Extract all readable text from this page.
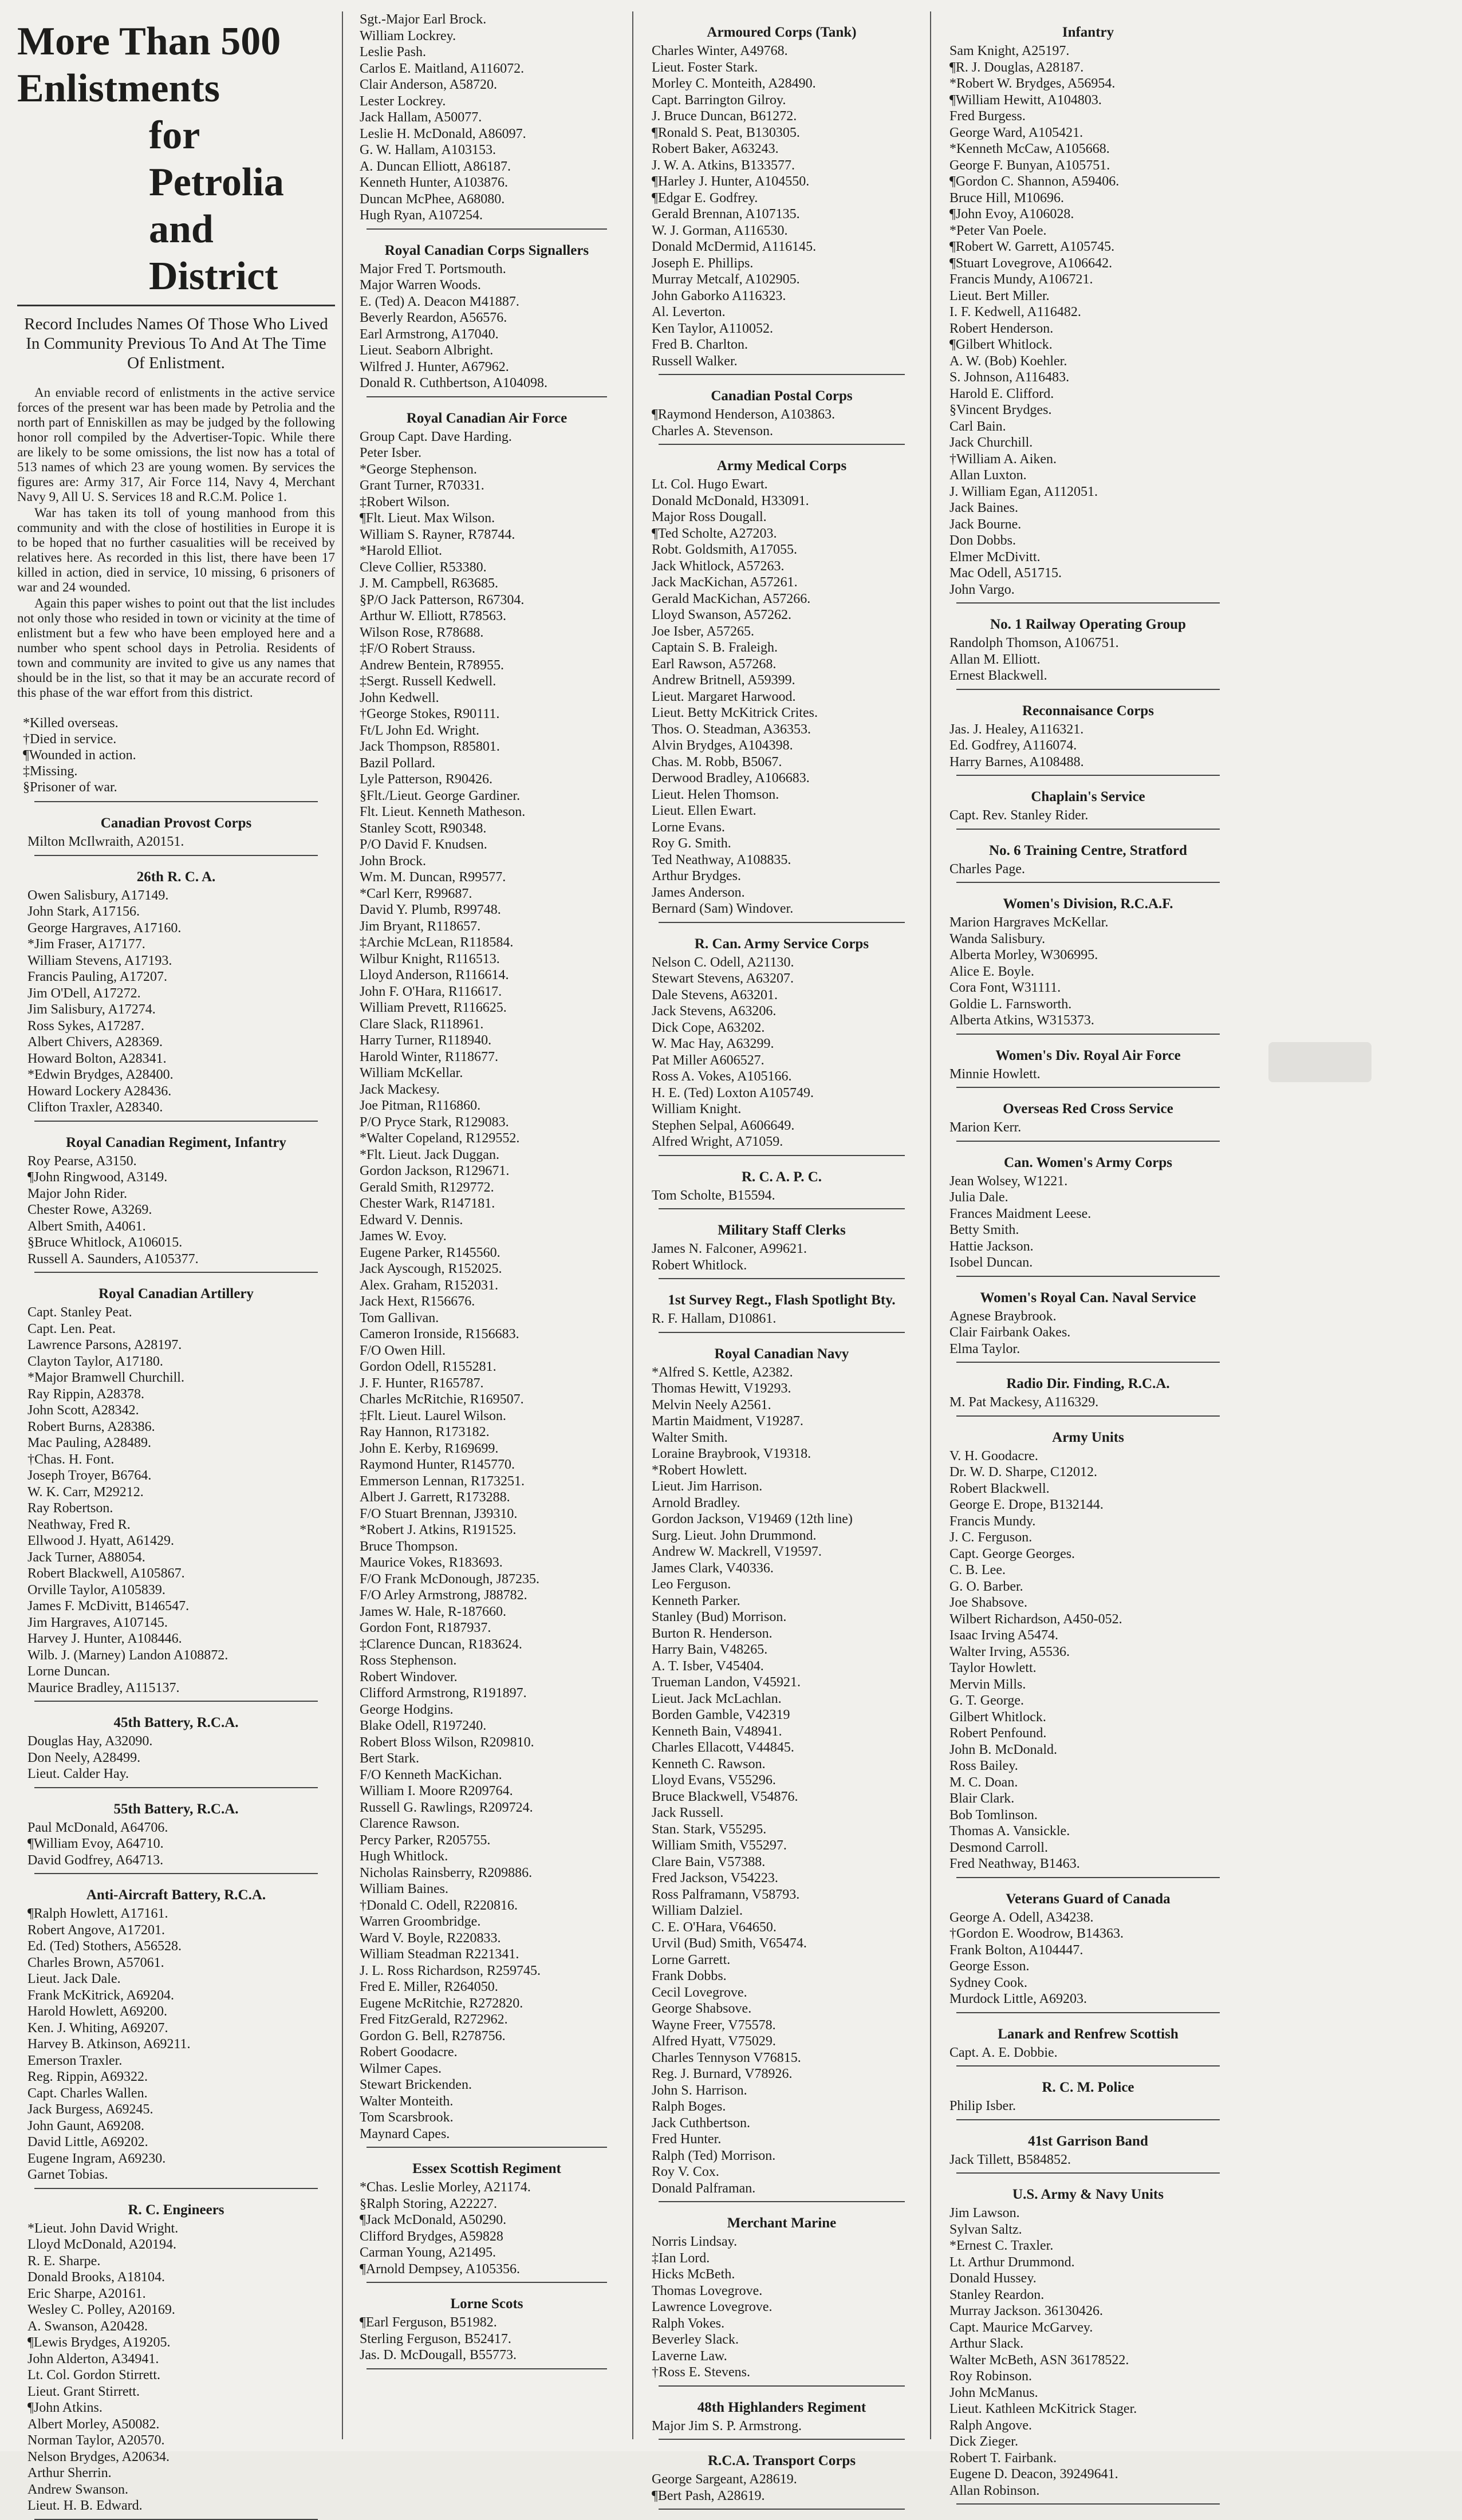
More Than 500 Enlistments
for Petrolia and District
Record Includes Names Of Those Who Lived In Community Previous To And At The Time Of Enlistment.

An enviable record of enlistments in the active service forces of the present war has been made by Petrolia and the north part of Enniskillen as may be judged by the following honor roll compiled by the Advertiser-Topic. While there are likely to be some omissions, the list now has a total of 513 names of which 23 are young women. By services the figures are: Army 317, Air Force 114, Navy 4, Merchant Navy 9, All U. S. Services 18 and R.C.M. Police 1.

War has taken its toll of young manhood from this community and with the close of hostilities in Europe it is to be hoped that no further casualities will be received by relatives here. As recorded in this list, there have been 17 killed in action, died in service, 10 missing, 6 prisoners of war and 24 wounded.

Again this paper wishes to point out that the list includes not only those who resided in town or vicinity at the time of enlistment but a few who have been employed here and a number who spent school days in Petrolia. Residents of town and community are invited to give us any names that should be in the list, so that it may be an accurate record of this phase of the war effort from this district.

*Killed overseas.
†Died in service.
¶Wounded in action.
‡Missing.
§Prisoner of war.
Canadian Provost Corps
Milton McIlwraith, A20151.
26th R. C. A.
Owen Salisbury, A17149.
John Stark, A17156.
George Hargraves, A17160.
*Jim Fraser, A17177.
William Stevens, A17193.
Francis Pauling, A17207.
Jim O'Dell, A17272.
Jim Salisbury, A17274.
Ross Sykes, A17287.
Albert Chivers, A28369.
Howard Bolton, A28341.
*Edwin Brydges, A28400.
Howard Lockery A28436.
Clifton Traxler, A28340.
Royal Canadian Regiment, Infantry
Roy Pearse, A3150.
¶John Ringwood, A3149.
Major John Rider.
Chester Rowe, A3269.
Albert Smith, A4061.
§Bruce Whitlock, A106015.
Russell A. Saunders, A105377.
Royal Canadian Artillery
Capt. Stanley Peat.
Capt. Len. Peat.
Lawrence Parsons, A28197.
Clayton Taylor, A17180.
*Major Bramwell Churchill.
Ray Rippin, A28378.
John Scott, A28342.
Robert Burns, A28386.
Mac Pauling, A28489.
†Chas. H. Font.
Joseph Troyer, B6764.
W. K. Carr, M29212.
Ray Robertson.
Neathway, Fred R.
Ellwood J. Hyatt, A61429.
Jack Turner, A88054.
Robert Blackwell, A105867.
Orville Taylor, A105839.
James F. McDivitt, B146547.
Jim Hargraves, A107145.
Harvey J. Hunter, A108446.
Wilb. J. (Marney) Landon A108872.
Lorne Duncan.
Maurice Bradley, A115137.
45th Battery, R.C.A.
Douglas Hay, A32090.
Don Neely, A28499.
Lieut. Calder Hay.
55th Battery, R.C.A.
Paul McDonald, A64706.
¶William Evoy, A64710.
David Godfrey, A64713.
Anti-Aircraft Battery, R.C.A.
¶Ralph Howlett, A17161.
Robert Angove, A17201.
Ed. (Ted) Stothers, A56528.
Charles Brown, A57061.
Lieut. Jack Dale.
Frank McKitrick, A69204.
Harold Howlett, A69200.
Ken. J. Whiting, A69207.
Harvey B. Atkinson, A69211.
Emerson Traxler.
Reg. Rippin, A69322.
Capt. Charles Wallen.
Jack Burgess, A69245.
John Gaunt, A69208.
David Little, A69202.
Eugene Ingram, A69230.
Garnet Tobias.
R. C. Engineers
*Lieut. John David Wright.
Lloyd McDonald, A20194.
R. E. Sharpe.
Donald Brooks, A18104.
Eric Sharpe, A20161.
Wesley C. Polley, A20169.
A. Swanson, A20428.
¶Lewis Brydges, A19205.
John Alderton, A34941.
Lt. Col. Gordon Stirrett.
Lieut. Grant Stirrett.
¶John Atkins.
Albert Morley, A50082.
Norman Taylor, A20570.
Nelson Brydges, A20634.
Arthur Sherrin.
Andrew Swanson.
Lieut. H. B. Edward.
Sgt.-Major Earl Brock.
William Lockrey.
Leslie Pash.
Carlos E. Maitland, A116072.
Clair Anderson, A58720.
Lester Lockrey.
Jack Hallam, A50077.
Leslie H. McDonald, A86097.
G. W. Hallam, A103153.
A. Duncan Elliott, A86187.
Kenneth Hunter, A103876.
Duncan McPhee, A68080.
Hugh Ryan, A107254.
Royal Canadian Corps Signallers
Major Fred T. Portsmouth.
Major Warren Woods.
E. (Ted) A. Deacon M41887.
Beverly Reardon, A56576.
Earl Armstrong, A17040.
Lieut. Seaborn Albright.
Wilfred J. Hunter, A67962.
Donald R. Cuthbertson, A104098.
Royal Canadian Air Force
Group Capt. Dave Harding.
Peter Isber.
*George Stephenson.
Grant Turner, R70331.
‡Robert Wilson.
¶Flt. Lieut. Max Wilson.
William S. Rayner, R78744.
*Harold Elliot.
Cleve Collier, R53380.
J. M. Campbell, R63685.
§P/O Jack Patterson, R67304.
Arthur W. Elliott, R78563.
Wilson Rose, R78688.
‡F/O Robert Strauss.
Andrew Bentein, R78955.
‡Sergt. Russell Kedwell.
John Kedwell.
†George Stokes, R90111.
Ft/L John Ed. Wright.
Jack Thompson, R85801.
Bazil Pollard.
Lyle Patterson, R90426.
§Flt./Lieut. George Gardiner.
Flt. Lieut. Kenneth Matheson.
Stanley Scott, R90348.
P/O David F. Knudsen.
John Brock.
Wm. M. Duncan, R99577.
*Carl Kerr, R99687.
David Y. Plumb, R99748.
Jim Bryant, R118657.
‡Archie McLean, R118584.
Wilbur Knight, R116513.
Lloyd Anderson, R116614.
John F. O'Hara, R116617.
William Prevett, R116625.
Clare Slack, R118961.
Harry Turner, R118940.
Harold Winter, R118677.
William McKellar.
Jack Mackesy.
Joe Pitman, R116860.
P/O Pryce Stark, R129083.
*Walter Copeland, R129552.
*Flt. Lieut. Jack Duggan.
Gordon Jackson, R129671.
Gerald Smith, R129772.
Chester Wark, R147181.
Edward V. Dennis.
James W. Evoy.
Eugene Parker, R145560.
Jack Ayscough, R152025.
Alex. Graham, R152031.
Jack Hext, R156676.
Tom Gallivan.
Cameron Ironside, R156683.
F/O Owen Hill.
Gordon Odell, R155281.
J. F. Hunter, R165787.
Charles McRitchie, R169507.
‡Flt. Lieut. Laurel Wilson.
Ray Hannon, R173182.
John E. Kerby, R169699.
Raymond Hunter, R145770.
Emmerson Lennan, R173251.
Albert J. Garrett, R173288.
F/O Stuart Brennan, J39310.
*Robert J. Atkins, R191525.
Bruce Thompson.
Maurice Vokes, R183693.
F/O Frank McDonough, J87235.
F/O Arley Armstrong, J88782.
James W. Hale, R-187660.
Gordon Font, R187937.
‡Clarence Duncan, R183624.
Ross Stephenson.
Robert Windover.
Clifford Armstrong, R191897.
George Hodgins.
Blake Odell, R197240.
Robert Bloss Wilson, R209810.
Bert Stark.
F/O Kenneth MacKichan.
William I. Moore R209764.
Russell G. Rawlings, R209724.
Clarence Rawson.
Percy Parker, R205755.
Hugh Whitlock.
Nicholas Rainsberry, R209886.
William Baines.
†Donald C. Odell, R220816.
Warren Groombridge.
Ward V. Boyle, R220833.
William Steadman R221341.
J. L. Ross Richardson, R259745.
Fred E. Miller, R264050.
Eugene McRitchie, R272820.
Fred FitzGerald, R272962.
Gordon G. Bell, R278756.
Robert Goodacre.
Wilmer Capes.
Stewart Brickenden.
Walter Monteith.
Tom Scarsbrook.
Maynard Capes.
Essex Scottish Regiment
*Chas. Leslie Morley, A21174.
§Ralph Storing, A22227.
¶Jack McDonald, A50290.
Clifford Brydges, A59828
Carman Young, A21495.
¶Arnold Dempsey, A105356.
Lorne Scots
¶Earl Ferguson, B51982.
Sterling Ferguson, B52417.
Jas. D. McDougall, B55773.
Armoured Corps (Tank)
Charles Winter, A49768.
Lieut. Foster Stark.
Morley C. Monteith, A28490.
Capt. Barrington Gilroy.
J. Bruce Duncan, B61272.
¶Ronald S. Peat, B130305.
Robert Baker, A63243.
J. W. A. Atkins, B133577.
¶Harley J. Hunter, A104550.
¶Edgar E. Godfrey.
Gerald Brennan, A107135.
W. J. Gorman, A116530.
Donald McDermid, A116145.
Joseph E. Phillips.
Murray Metcalf, A102905.
John Gaborko A116323.
Al. Leverton.
Ken Taylor, A110052.
Fred B. Charlton.
Russell Walker.
Canadian Postal Corps
¶Raymond Henderson, A103863.
Charles A. Stevenson.
Army Medical Corps
Lt. Col. Hugo Ewart.
Donald McDonald, H33091.
Major Ross Dougall.
¶Ted Scholte, A27203.
Robt. Goldsmith, A17055.
Jack Whitlock, A57263.
Jack MacKichan, A57261.
Gerald MacKichan, A57266.
Lloyd Swanson, A57262.
Joe Isber, A57265.
Captain S. B. Fraleigh.
Earl Rawson, A57268.
Andrew Britnell, A59399.
Lieut. Margaret Harwood.
Lieut. Betty McKitrick Crites.
Thos. O. Steadman, A36353.
Alvin Brydges, A104398.
Chas. M. Robb, B5067.
Derwood Bradley, A106683.
Lieut. Helen Thomson.
Lieut. Ellen Ewart.
Lorne Evans.
Roy G. Smith.
Ted Neathway, A108835.
Arthur Brydges.
James Anderson.
Bernard (Sam) Windover.
R. Can. Army Service Corps
Nelson C. Odell, A21130.
Stewart Stevens, A63207.
Dale Stevens, A63201.
Jack Stevens, A63206.
Dick Cope, A63202.
W. Mac Hay, A63299.
Pat Miller A606527.
Ross A. Vokes, A105166.
H. E. (Ted) Loxton A105749.
William Knight.
Stephen Selpal, A606649.
Alfred Wright, A71059.
R. C. A. P. C.
Tom Scholte, B15594.
Military Staff Clerks
James N. Falconer, A99621.
Robert Whitlock.
1st Survey Regt., Flash Spotlight Bty.
R. F. Hallam, D10861.
Royal Canadian Navy
*Alfred S. Kettle, A2382.
Thomas Hewitt, V19293.
Melvin Neely A2561.
Martin Maidment, V19287.
Walter Smith.
Loraine Braybrook, V19318.
*Robert Howlett.
Lieut. Jim Harrison.
Arnold Bradley.
Gordon Jackson, V19469 (12th line)
Surg. Lieut. John Drummond.
Andrew W. Mackrell, V19597.
James Clark, V40336.
Leo Ferguson.
Kenneth Parker.
Stanley (Bud) Morrison.
Burton R. Henderson.
Harry Bain, V48265.
A. T. Isber, V45404.
Trueman Landon, V45921.
Lieut. Jack McLachlan.
Borden Gamble, V42319
Kenneth Bain, V48941.
Charles Ellacott, V44845.
Kenneth C. Rawson.
Lloyd Evans, V55296.
Bruce Blackwell, V54876.
Jack Russell.
Stan. Stark, V55295.
William Smith, V55297.
Clare Bain, V57388.
Fred Jackson, V54223.
Ross Palframann, V58793.
William Dalziel.
C. E. O'Hara, V64650.
Urvil (Bud) Smith, V65474.
Lorne Garrett.
Frank Dobbs.
Cecil Lovegrove.
George Shabsove.
Wayne Freer, V75578.
Alfred Hyatt, V75029.
Charles Tennyson V76815.
Reg. J. Burnard, V78926.
John S. Harrison.
Ralph Boges.
Jack Cuthbertson.
Fred Hunter.
Ralph (Ted) Morrison.
Roy V. Cox.
Donald Palframan.
Merchant Marine
Norris Lindsay.
‡Ian Lord.
Hicks McBeth.
Thomas Lovegrove.
Lawrence Lovegrove.
Ralph Vokes.
Beverley Slack.
Laverne Law.
†Ross E. Stevens.
48th Highlanders Regiment
Major Jim S. P. Armstrong.
R.C.A. Transport Corps
George Sargeant, A28619.
¶Bert Pash, A28619.
Infantry
Sam Knight, A25197.
¶R. J. Douglas, A28187.
*Robert W. Brydges, A56954.
¶William Hewitt, A104803.
Fred Burgess.
George Ward, A105421.
*Kenneth McCaw, A105668.
George F. Bunyan, A105751.
¶Gordon C. Shannon, A59406.
Bruce Hill, M10696.
¶John Evoy, A106028.
*Peter Van Poele.
¶Robert W. Garrett, A105745.
¶Stuart Lovegrove, A106642.
Francis Mundy, A106721.
Lieut. Bert Miller.
I. F. Kedwell, A116482.
Robert Henderson.
¶Gilbert Whitlock.
A. W. (Bob) Koehler.
S. Johnson, A116483.
Harold E. Clifford.
§Vincent Brydges.
Carl Bain.
Jack Churchill.
†William A. Aiken.
Allan Luxton.
J. William Egan, A112051.
Jack Baines.
Jack Bourne.
Don Dobbs.
Elmer McDivitt.
Mac Odell, A51715.
John Vargo.
No. 1 Railway Operating Group
Randolph Thomson, A106751.
Allan M. Elliott.
Ernest Blackwell.
Reconnaisance Corps
Jas. J. Healey, A116321.
Ed. Godfrey, A116074.
Harry Barnes, A108488.
Chaplain's Service
Capt. Rev. Stanley Rider.
No. 6 Training Centre, Stratford
Charles Page.
Women's Division, R.C.A.F.
Marion Hargraves McKellar.
Wanda Salisbury.
Alberta Morley, W306995.
Alice E. Boyle.
Cora Font, W31111.
Goldie L. Farnsworth.
Alberta Atkins, W315373.
Women's Div. Royal Air Force
Minnie Howlett.
Overseas Red Cross Service
Marion Kerr.
Can. Women's Army Corps
Jean Wolsey, W1221.
Julia Dale.
Frances Maidment Leese.
Betty Smith.
Hattie Jackson.
Isobel Duncan.
Women's Royal Can. Naval Service
Agnese Braybrook.
Clair Fairbank Oakes.
Elma Taylor.
Radio Dir. Finding, R.C.A.
M. Pat Mackesy, A116329.
Army Units
V. H. Goodacre.
Dr. W. D. Sharpe, C12012.
Robert Blackwell.
George E. Drope, B132144.
Francis Mundy.
J. C. Ferguson.
Capt. George Georges.
C. B. Lee.
G. O. Barber.
Joe Shabsove.
Wilbert Richardson, A450-052.
Isaac Irving A5474.
Walter Irving, A5536.
Taylor Howlett.
Mervin Mills.
G. T. George.
Gilbert Whitlock.
Robert Penfound.
John B. McDonald.
Ross Bailey.
M. C. Doan.
Blair Clark.
Bob Tomlinson.
Thomas A. Vansickle.
Desmond Carroll.
Fred Neathway, B1463.
Veterans Guard of Canada
George A. Odell, A34238.
†Gordon E. Woodrow, B14363.
Frank Bolton, A104447.
George Esson.
Sydney Cook.
Murdock Little, A69203.
Lanark and Renfrew Scottish
Capt. A. E. Dobbie.
R. C. M. Police
Philip Isber.
41st Garrison Band
Jack Tillett, B584852.
U.S. Army & Navy Units
Jim Lawson.
Sylvan Saltz.
*Ernest C. Traxler.
Lt. Arthur Drummond.
Donald Hussey.
Stanley Reardon.
Murray Jackson. 36130426.
Capt. Maurice McGarvey.
Arthur Slack.
Walter McBeth, ASN 36178522.
Roy Robinson.
John McManus.
Lieut. Kathleen McKitrick Stager.
Ralph Angove.
Dick Zieger.
Robert T. Fairbank.
Eugene D. Deacon, 39249641.
Allan Robinson.
